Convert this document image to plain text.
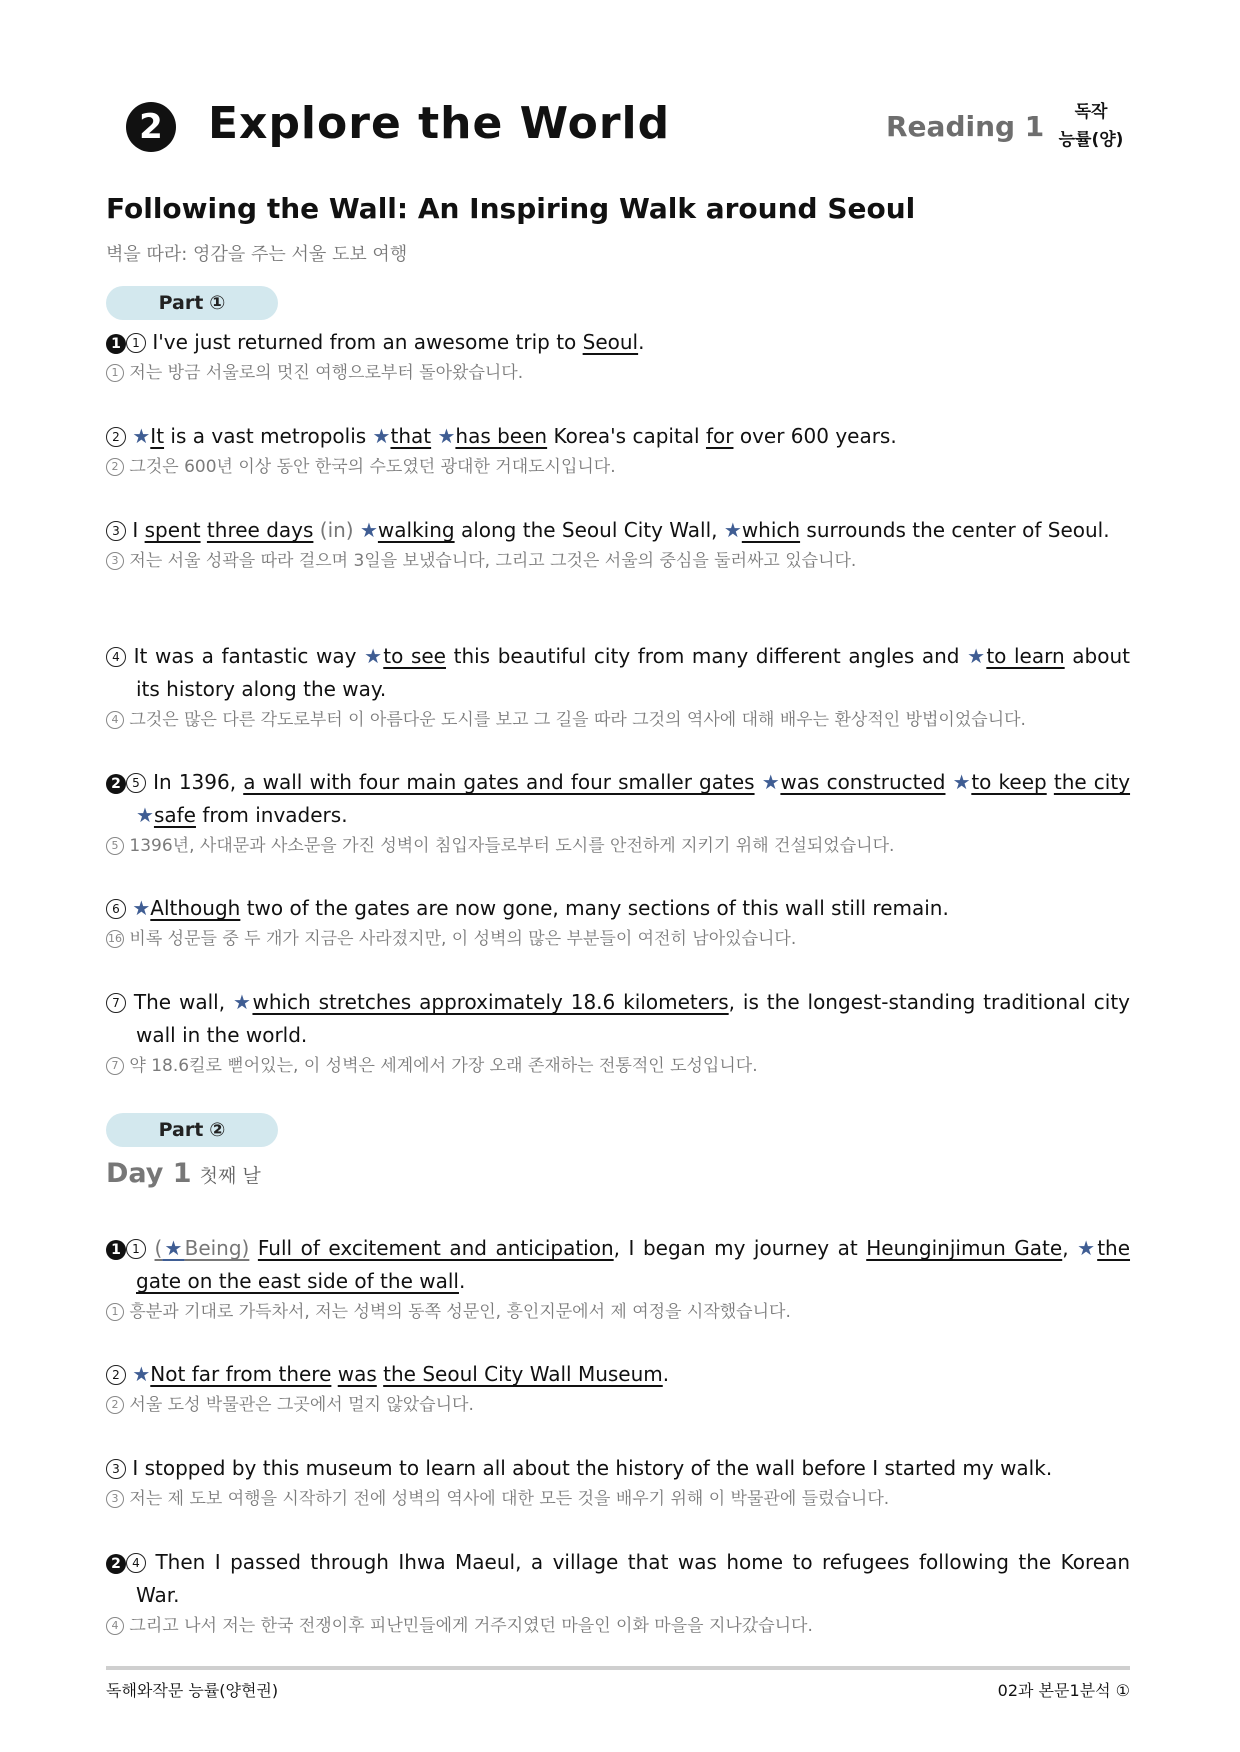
2 Explore the World	Reading 1	독작
능률(양)
Following the Wall: An Inspiring Walk around Seoul
벽을 따라: 영감을 주는 서울 도보 여행
Part ①
1 1 I've just returned from an awesome trip to Seoul.
1 저는 방금 서울로의 멋진 여행으로부터 돌아왔습니다.
2 ★It is a vast metropolis ★that ★has been Korea's capital for over 600 years.
2 그것은 600년 이상 동안 한국의 수도였던 광대한 거대도시입니다.
3 I spent three days (in) ★walking along the Seoul City Wall, ★which surrounds the center of Seoul.
3 저는 서울 성곽을 따라 걸으며 3일을 보냈습니다, 그리고 그것은 서울의 중심을 둘러싸고 있습니다.
4 It was a fantastic way ★to see this beautiful city from many different angles and ★to learn about its history along the way.
4 그것은 많은 다른 각도로부터 이 아름다운 도시를 보고 그 길을 따라 그것의 역사에 대해 배우는 환상적인 방법이었습니다.
2 5 In 1396, a wall with four main gates and four smaller gates ★was constructed ★to keep the city ★safe from invaders.
5 1396년, 사대문과 사소문을 가진 성벽이 침입자들로부터 도시를 안전하게 지키기 위해 건설되었습니다.
6 ★Although two of the gates are now gone, many sections of this wall still remain.
16 비록 성문들 중 두 개가 지금은 사라졌지만, 이 성벽의 많은 부분들이 여전히 남아있습니다.
7 The wall, ★which stretches approximately 18.6 kilometers, is the longest-standing traditional city wall in the world.
7 약 18.6킬로 뻗어있는, 이 성벽은 세계에서 가장 오래 존재하는 전통적인 도성입니다.
Part ②
Day 1 첫째 날
1 1 (★Being) Full of excitement and anticipation, I began my journey at Heunginjimun Gate, ★the gate on the east side of the wall.
1 흥분과 기대로 가득차서, 저는 성벽의 동쪽 성문인, 흥인지문에서 제 여정을 시작했습니다.
2 ★Not far from there was the Seoul City Wall Museum.
2 서울 도성 박물관은 그곳에서 멀지 않았습니다.
3 I stopped by this museum to learn all about the history of the wall before I started my walk.
3 저는 제 도보 여행을 시작하기 전에 성벽의 역사에 대한 모든 것을 배우기 위해 이 박물관에 들렀습니다.
2 4 Then I passed through Ihwa Maeul, a village that was home to refugees following the Korean War.
4 그리고 나서 저는 한국 전쟁이후 피난민들에게 거주지였던 마을인 이화 마을을 지나갔습니다.
독해와작문 능률(양현권)	02과 본문1분석 ①
